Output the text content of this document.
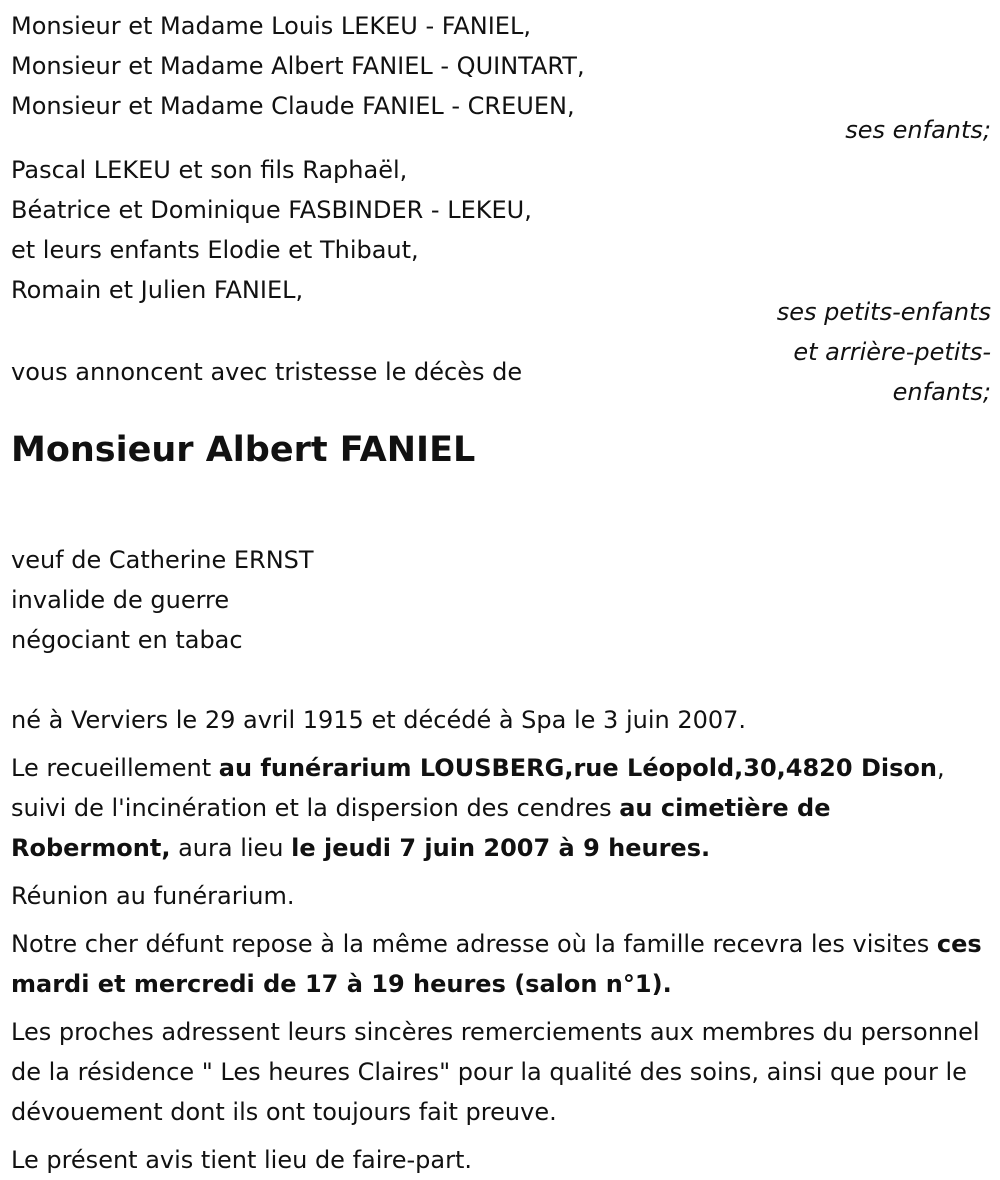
Monsieur et Madame Louis LEKEU - FANIEL,

Monsieur et Madame Albert FANIEL - QUINTART,

Monsieur et Madame Claude FANIEL - CREUEN,

ses enfants;

Pascal LEKEU et son fils Raphaël,

Béatrice et Dominique FASBINDER - LEKEU,

et leurs enfants Elodie et Thibaut,

Romain et Julien FANIEL,

ses petits-enfants

et arrière-petits-

enfants;

vous annoncent avec tristesse le décès de

Monsieur Albert FANIEL

veuf de Catherine ERNST

invalide de guerre

négociant en tabac

né à Verviers le 29 avril 1915 et décédé à Spa le 3 juin 2007.

Le recueillement au funérarium LOUSBERG,rue Léopold,30,4820 Dison, suivi de l'incinération et la dispersion des cendres au cimetière de Robermont, aura lieu le jeudi 7 juin 2007 à 9 heures.

Réunion au funérarium.

Notre cher défunt repose à la même adresse où la famille recevra les visites ces mardi et mercredi de 17 à 19 heures (salon n°1).

Les proches adressent leurs sincères remerciements aux membres du personnel de la résidence " Les heures Claires" pour la qualité des soins, ainsi que pour le dévouement dont ils ont toujours fait preuve.

Le présent avis tient lieu de faire-part.
